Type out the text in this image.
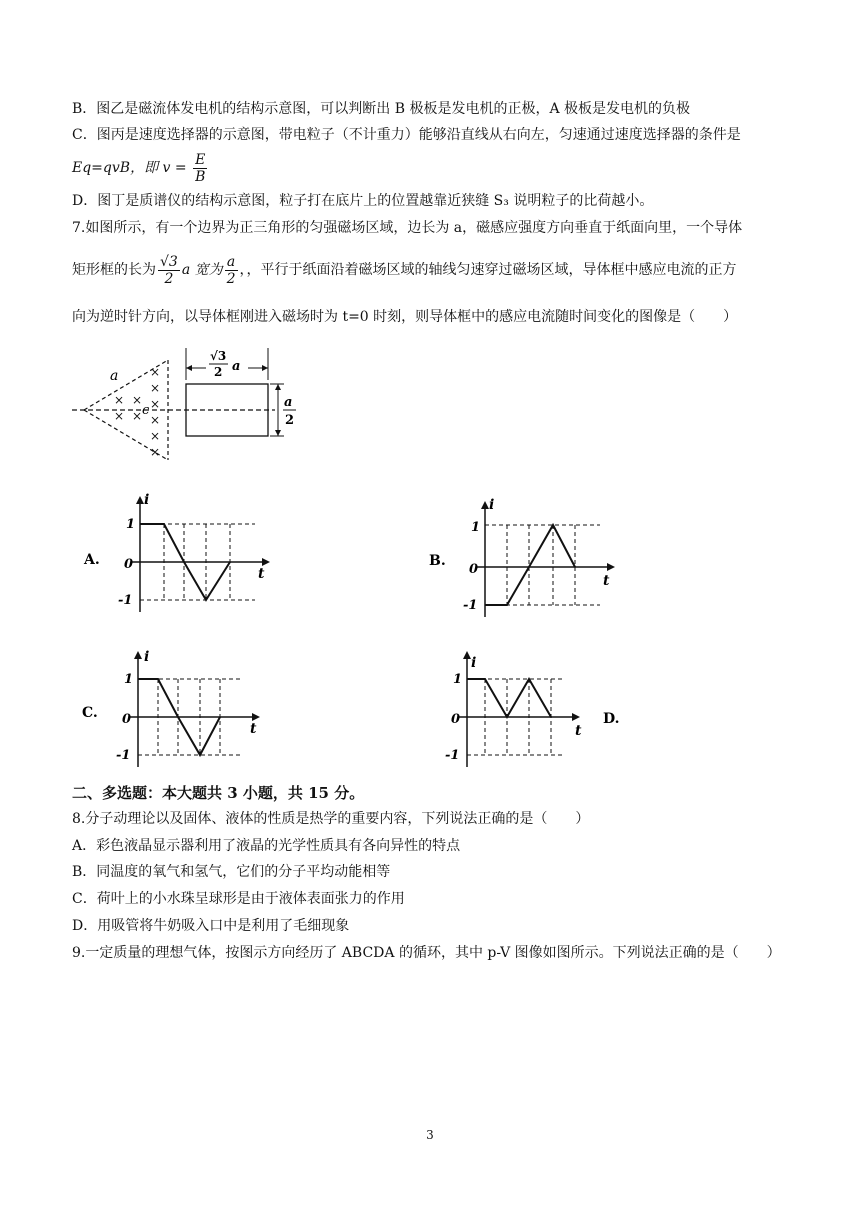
B．图乙是磁流体发电机的结构示意图，可以判断出 B 极板是发电机的正极，A 极板是发电机的负极
C．图丙是速度选择器的示意图，带电粒子（不计重力）能够沿直线从右向左，匀速通过速度选择器的条件是
Eq=qvB，即 $v = \frac{E}{B}$
D．图丁是质谱仪的结构示意图，粒子打在底片上的位置越靠近狭缝 S₃ 说明粒子的比荷越小。
7.如图所示，有一个边界为正三角形的匀强磁场区域，边长为 a，磁感应强度方向垂直于纸面向里，一个导体
矩形框的长为 $\frac{√3}{2}$ a 宽为 $\frac{a}{2}$ ，，平行于纸面沿着磁场区域的轴线匀速穿过磁场区域，导体框中感应电流的正方
向为逆时针方向，以导体框刚进入磁场时为 t=0 时刻，则导体框中的感应电流随时间变化的图像是（　　）
a
c
×
×
×
×
×
×
×
×
×
×
√3
2 a
a
2
A.
i
t
1
0
-1
B.
i
t
1
0
-1
C.
i
t
1
0
-1
i
t
1
0
-1
D.
二、多选题：本大题共 3 小题，共 15 分。
8.分子动理论以及固体、液体的性质是热学的重要内容，下列说法正确的是（　　）
A．彩色液晶显示器利用了液晶的光学性质具有各向异性的特点
B．同温度的氧气和氢气，它们的分子平均动能相等
C．荷叶上的小水珠呈球形是由于液体表面张力的作用
D．用吸管将牛奶吸入口中是利用了毛细现象
9.一定质量的理想气体，按图示方向经历了 ABCDA 的循环，其中 p-V 图像如图所示。下列说法正确的是（　　）
3
